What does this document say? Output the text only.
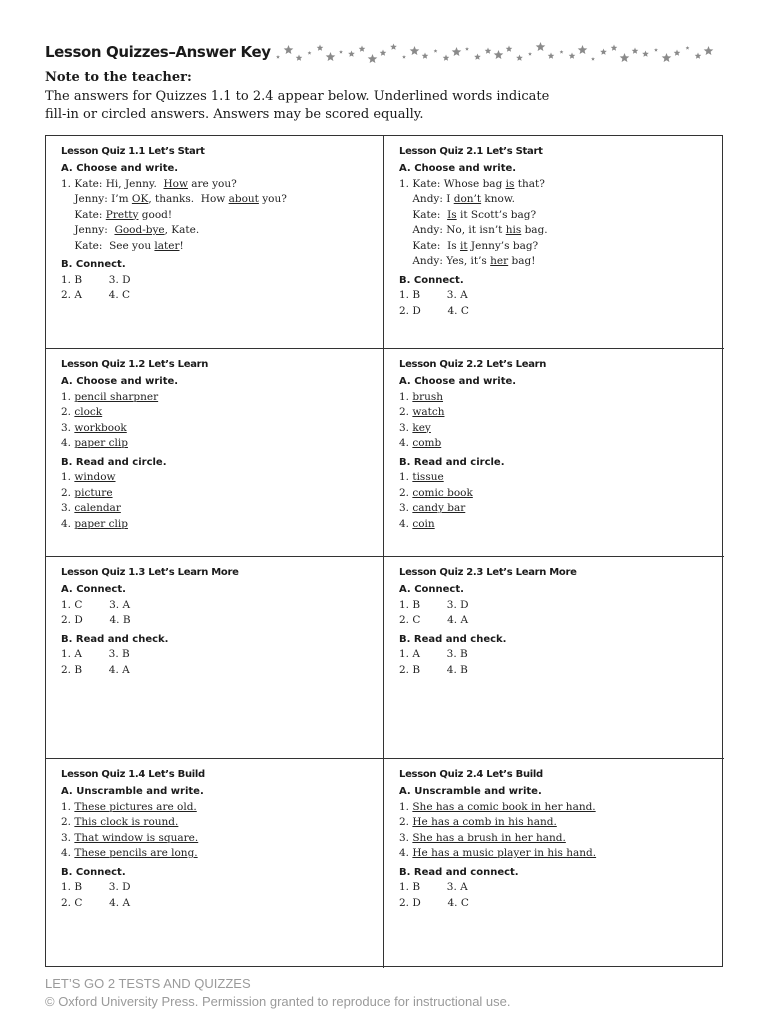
Lesson Quizzes–Answer Key
Note to the teacher:
The answers for Quizzes 1.1 to 2.4 appear below. Underlined words indicate
fill-in or circled answers. Answers may be scored equally.
Lesson Quiz 1.1 Let’s Start
A. Choose and write.
1. Kate: Hi, Jenny.  How are you?
Jenny: I’m OK, thanks.  How about you?
Kate: Pretty good!
Jenny:  Good-bye, Kate.
Kate:  See you later!
B. Connect.
1. B        3. D
2. A        4. C
Lesson Quiz 2.1 Let’s Start
A. Choose and write.
1. Kate: Whose bag is that?
Andy: I don’t know.
Kate:  Is it Scott’s bag?
Andy: No, it isn’t his bag.
Kate:  Is it Jenny’s bag?
Andy: Yes, it’s her bag!
B. Connect.
1. B        3. A
2. D        4. C
Lesson Quiz 1.2 Let’s Learn
A. Choose and write.
1. pencil sharpner
2. clock
3. workbook
4. paper clip
B. Read and circle.
1. window
2. picture
3. calendar
4. paper clip
Lesson Quiz 2.2 Let’s Learn
A. Choose and write.
1. brush
2. watch
3. key
4. comb
B. Read and circle.
1. tissue
2. comic book
3. candy bar
4. coin
Lesson Quiz 1.3 Let’s Learn More
A. Connect.
1. C        3. A
2. D        4. B
B. Read and check.
1. A        3. B
2. B        4. A
Lesson Quiz 2.3 Let’s Learn More
A. Connect.
1. B        3. D
2. C        4. A
B. Read and check.
1. A        3. B
2. B        4. B
Lesson Quiz 1.4 Let’s Build
A. Unscramble and write.
1. These pictures are old.
2. This clock is round.
3. That window is square.
4. These pencils are long.
B. Connect.
1. B        3. D
2. C        4. A
Lesson Quiz 2.4 Let’s Build
A. Unscramble and write.
1. She has a comic book in her hand.
2. He has a comb in his hand.
3. She has a brush in her hand.
4. He has a music player in his hand.
B. Read and connect.
1. B        3. A
2. D        4. C
LET’S GO 2 TESTS AND QUIZZES
© Oxford University Press. Permission granted to reproduce for instructional use.
